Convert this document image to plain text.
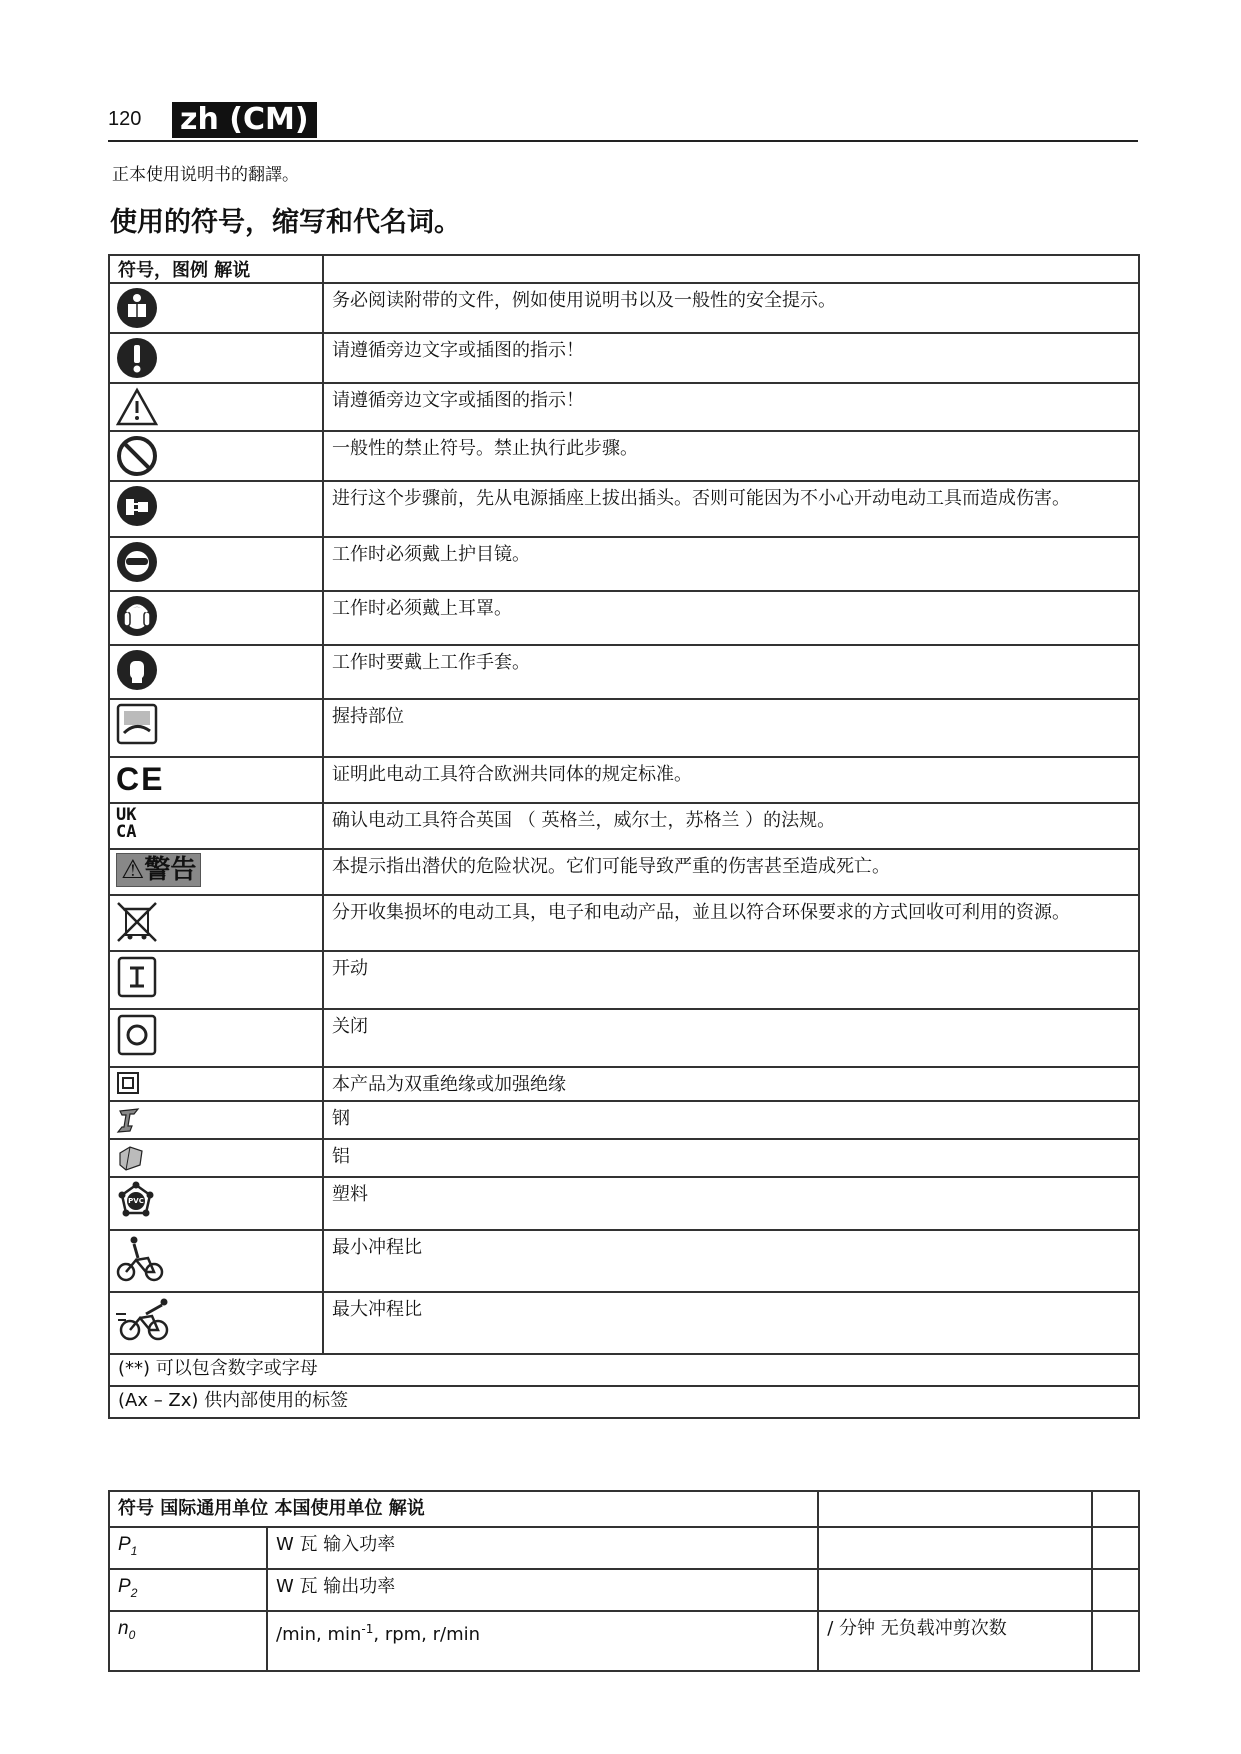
120 zh (CM)
正本使用说明书的翻譯。
使用的符号，缩写和代名词。
符号，图例 解说	

	务必阅读附带的文件，例如使用说明书以及一般性的安全提示。

	请遵循旁边文字或插图的指示！

	请遵循旁边文字或插图的指示！

	一般性的禁止符号。禁止执行此步骤。

	进行这个步骤前，先从电源插座上拔出插头。否则可能因为不小心开动电动工具而造成伤害。

	工作时必须戴上护目镜。

	工作时必须戴上耳罩。

	工作时要戴上工作手套。

	握持部位
CE	证明此电动工具符合欧洲共同体的规定标准。

UK CA	确认电动工具符合英国 （ 英格兰，威尔士，苏格兰 ）的法规。
⚠警告	本提示指出潜伏的危险状况。它们可能导致严重的伤害甚至造成死亡。

	分开收集损坏的电动工具，电子和电动产品，並且以符合环保要求的方式回收可利用的资源。

	开动

	关闭

	本产品为双重绝缘或加强绝缘

	钢

	铝

PVC	塑料

	最小冲程比

	最大冲程比
(**) 可以包含数字或字母	
(Ax – Zx) 供内部使用的标签	
符号 国际通用单位 本国使用单位 解说			
$P_1$	W 瓦 输入功率		
$P_2$	W 瓦 输出功率		
$n_0$	/min, $\min^{-1}$, rpm, r/min	/ 分钟 无负载冲剪次数	
